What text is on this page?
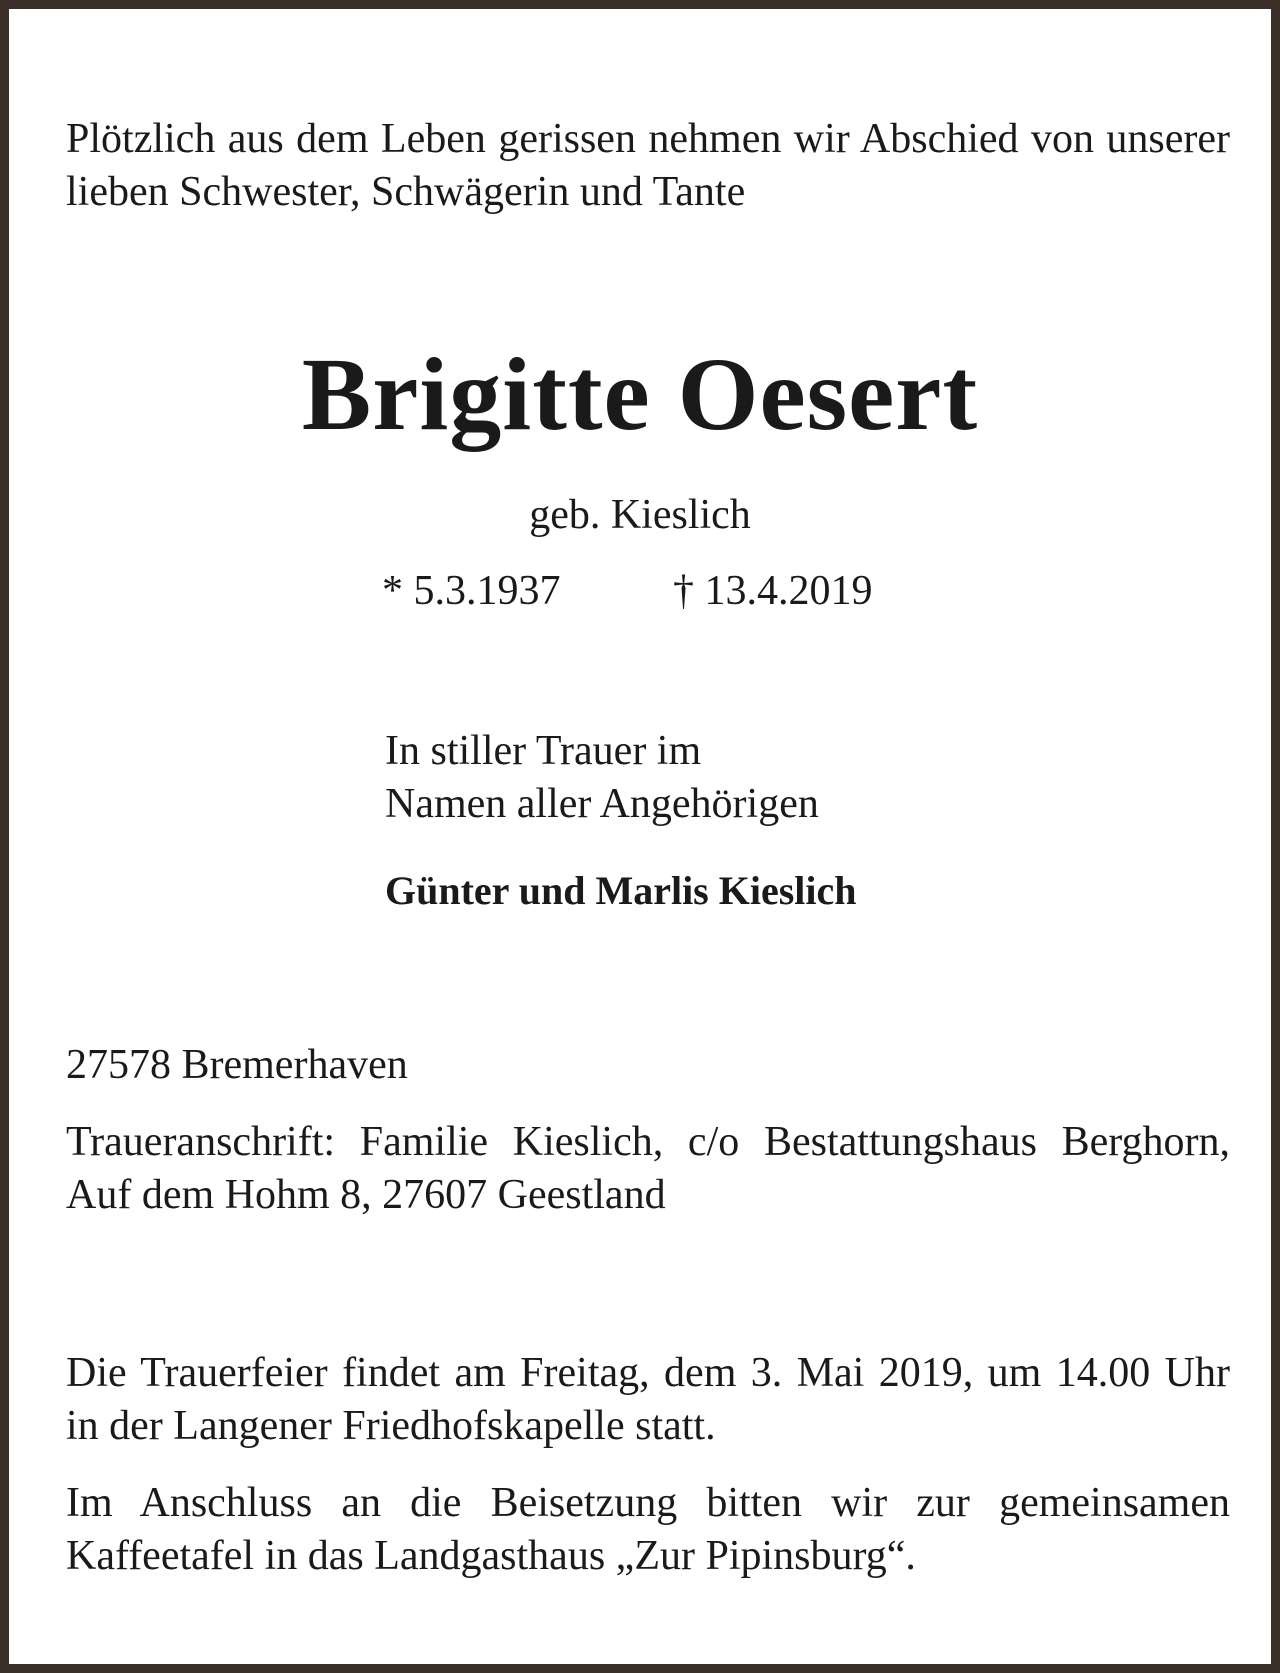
Plötzlich aus dem Leben gerissen nehmen wir Abschied von unserer lieben Schwester, Schwägerin und Tante

Brigitte Oesert

geb. Kieslich

* 5.3.1937	† 13.4.2019

In stiller Trauer im
Namen aller Angehörigen

Günter und Marlis Kieslich

27578 Bremerhaven

Traueranschrift: Familie Kieslich, c/o Bestattungshaus Berghorn, Auf dem Hohm 8, 27607 Geestland

Die Trauerfeier findet am Freitag, dem 3. Mai 2019, um 14.00 Uhr in der Langener Friedhofskapelle statt.

Im Anschluss an die Beisetzung bitten wir zur gemeinsamen Kaffeetafel in das Landgasthaus „Zur Pipinsburg“.
